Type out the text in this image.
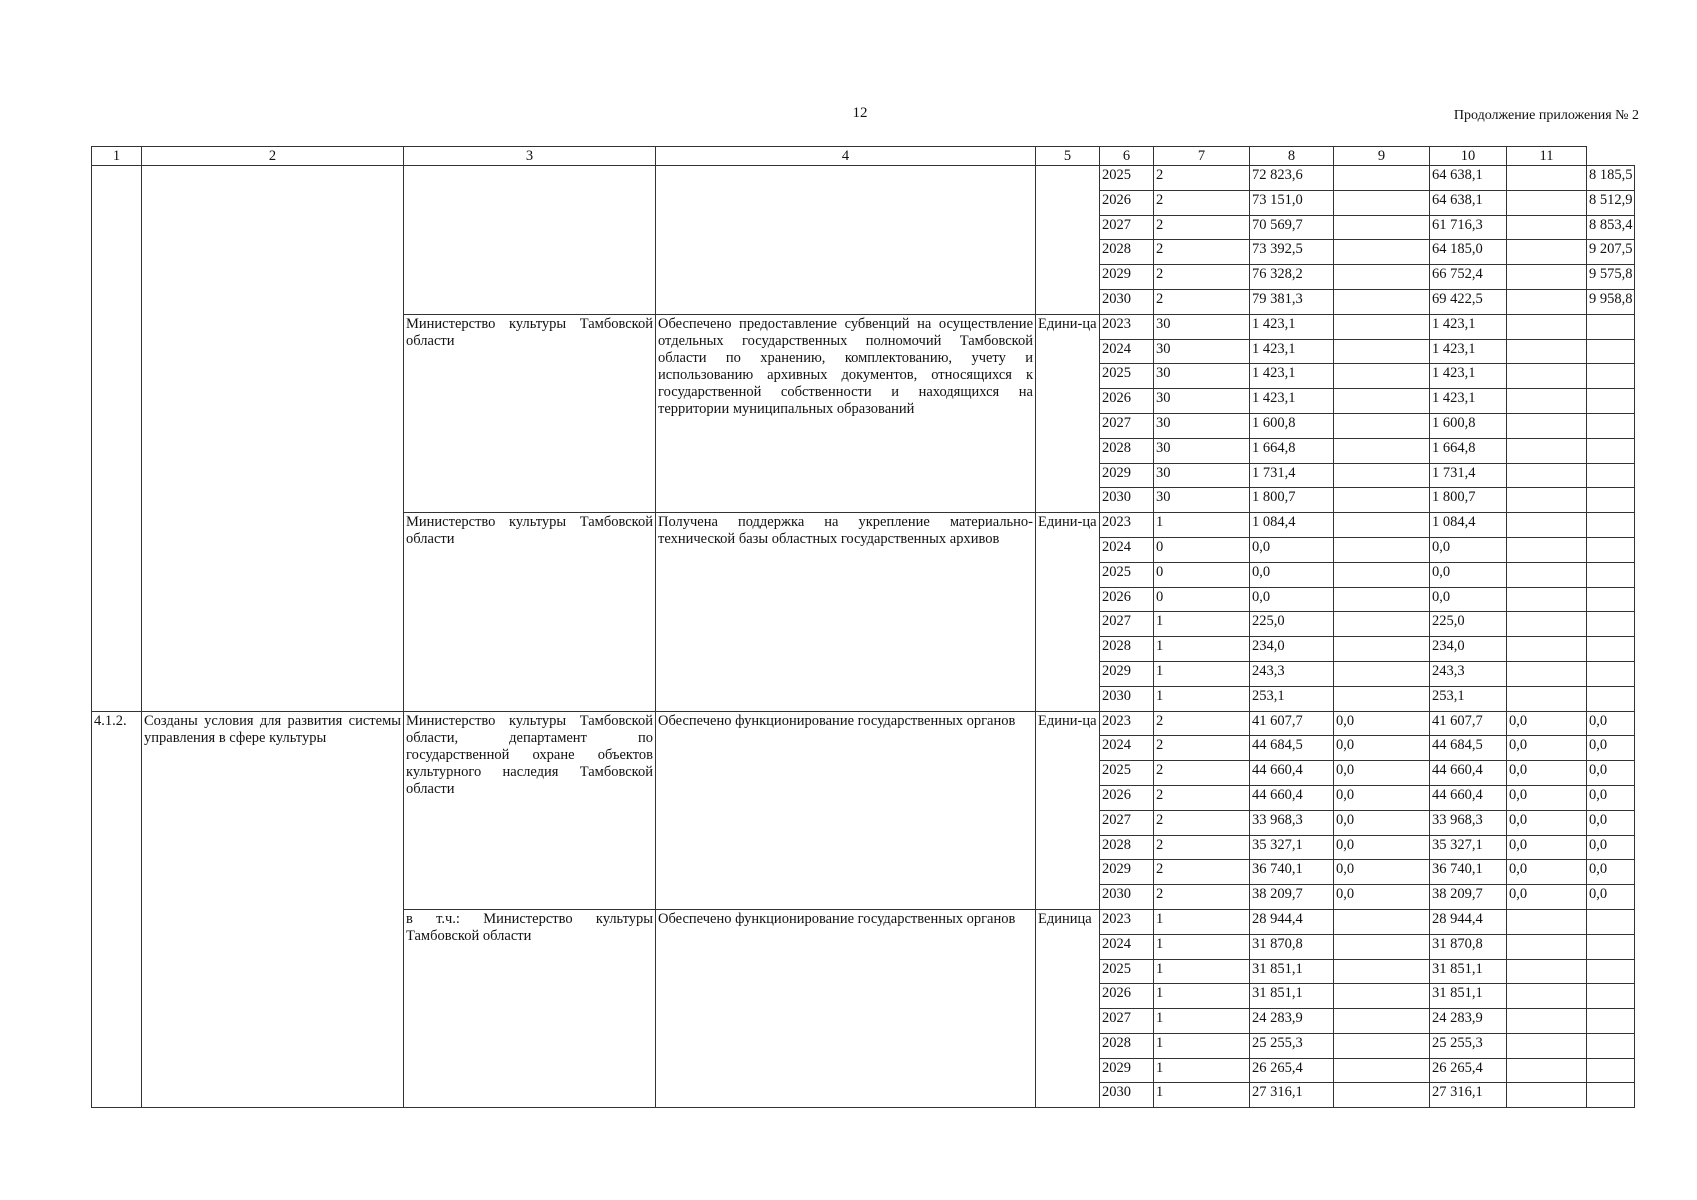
12	Продолжение приложения № 2
1	2	3	4	5	6	7	8	9	10	11	
					2025	2	72 823,6		64 638,1		8 185,5
					2026	2	73 151,0		64 638,1		8 512,9
					2027	2	70 569,7		61 716,3		8 853,4
					2028	2	73 392,5		64 185,0		9 207,5
					2029	2	76 328,2		66 752,4		9 575,8
					2030	2	79 381,3		69 422,5		9 958,8
		Министерство культуры Тамбовской области	Обеспечено предоставление субвенций на осуществление отдельных государственных полномочий Тамбовской области по хранению, комплектованию, учету и использованию архивных документов, относящихся к государственной собственности и находящихся на территории муниципальных образований	Едини-ца	2023	30	1 423,1		1 423,1		
					2024	30	1 423,1		1 423,1		
					2025	30	1 423,1		1 423,1		
					2026	30	1 423,1		1 423,1		
					2027	30	1 600,8		1 600,8		
					2028	30	1 664,8		1 664,8		
					2029	30	1 731,4		1 731,4		
					2030	30	1 800,7		1 800,7		
		Министерство культуры Тамбовской области	Получена поддержка на укрепление материально-технической базы областных государственных архивов	Едини-ца	2023	1	1 084,4		1 084,4		
					2024	0	0,0		0,0		
					2025	0	0,0		0,0		
					2026	0	0,0		0,0		
					2027	1	225,0		225,0		
					2028	1	234,0		234,0		
					2029	1	243,3		243,3		
					2030	1	253,1		253,1		
4.1.2.	Созданы условия для развития системы управления в сфере культуры	Министерство культуры Тамбовской области, департамент по государственной охране объектов культурного наследия Тамбовской области	Обеспечено функционирование государственных органов	Едини-ца	2023	2	41 607,7	0,0	41 607,7	0,0	0,0
					2024	2	44 684,5	0,0	44 684,5	0,0	0,0
					2025	2	44 660,4	0,0	44 660,4	0,0	0,0
					2026	2	44 660,4	0,0	44 660,4	0,0	0,0
					2027	2	33 968,3	0,0	33 968,3	0,0	0,0
					2028	2	35 327,1	0,0	35 327,1	0,0	0,0
					2029	2	36 740,1	0,0	36 740,1	0,0	0,0
					2030	2	38 209,7	0,0	38 209,7	0,0	0,0
		в т.ч.: Министерство культуры Тамбовской области	Обеспечено функционирование государственных органов	Единица	2023	1	28 944,4		28 944,4		
					2024	1	31 870,8		31 870,8		
					2025	1	31 851,1		31 851,1		
					2026	1	31 851,1		31 851,1		
					2027	1	24 283,9		24 283,9		
					2028	1	25 255,3		25 255,3		
					2029	1	26 265,4		26 265,4		
					2030	1	27 316,1		27 316,1		
